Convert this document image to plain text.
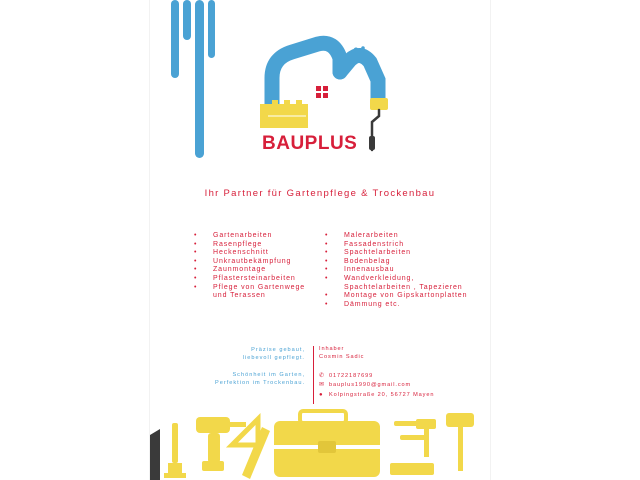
BAUPLUS
Ihr Partner für Gartenpflege & Trockenbau
• Gartenarbeiten
• Rasenpflege
• Heckenschnitt
• Unkrautbekämpfung
• Zaunmontage
• Pflastersteinarbeiten
• Pflege von Gartenwege und Terassen
• Malerarbeiten
• Fassadenstrich
• Spachtelarbeiten
• Bodenbelag
• Innenausbau
• Wandverkleidung, Spachtelarbeiten , Tapezieren
• Montage von Gipskartonplatten
• Dämmung etc.
Präzise gebaut,
liebevoll gepflegt.
Schönheit im Garten,
Perfektion im Trockenbau.
Inhaber
Cosmin Sadic
✆ 01722187699
✉ bauplus1990@gmail.com
● Kolpingstraße 20, 56727 Mayen
